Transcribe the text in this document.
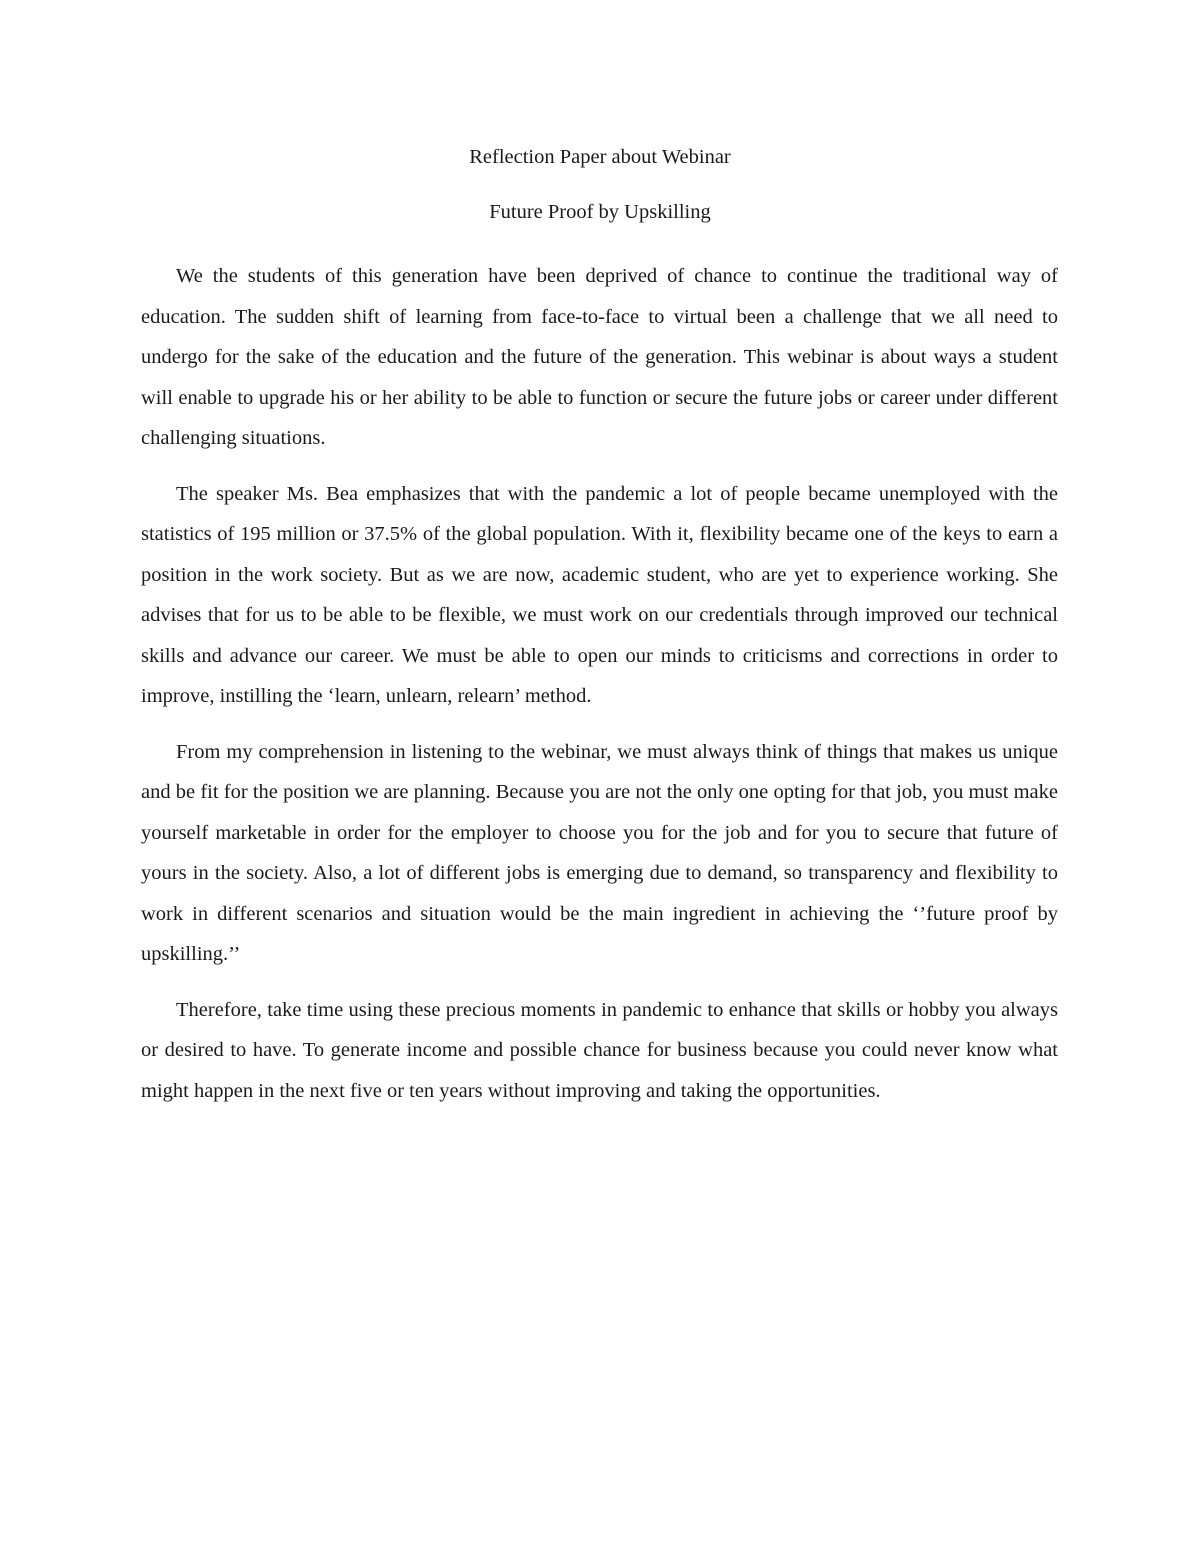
Reflection Paper about Webinar
Future Proof by Upskilling

We the students of this generation have been deprived of chance to continue the traditional way of education. The sudden shift of learning from face-to-face to virtual been a challenge that we all need to undergo for the sake of the education and the future of the generation. This webinar is about ways a student will enable to upgrade his or her ability to be able to function or secure the future jobs or career under different challenging situations.

The speaker Ms. Bea emphasizes that with the pandemic a lot of people became unemployed with the statistics of 195 million or 37.5% of the global population. With it, flexibility became one of the keys to earn a position in the work society. But as we are now, academic student, who are yet to experience working. She advises that for us to be able to be flexible, we must work on our credentials through improved our technical skills and advance our career. We must be able to open our minds to criticisms and corrections in order to improve, instilling the ‘learn, unlearn, relearn’ method.

From my comprehension in listening to the webinar, we must always think of things that makes us unique and be fit for the position we are planning. Because you are not the only one opting for that job, you must make yourself marketable in order for the employer to choose you for the job and for you to secure that future of yours in the society. Also, a lot of different jobs is emerging due to demand, so transparency and flexibility to work in different scenarios and situation would be the main ingredient in achieving the ‘’future proof by upskilling.’’

Therefore, take time using these precious moments in pandemic to enhance that skills or hobby you always or desired to have. To generate income and possible chance for business because you could never know what might happen in the next five or ten years without improving and taking the opportunities.
